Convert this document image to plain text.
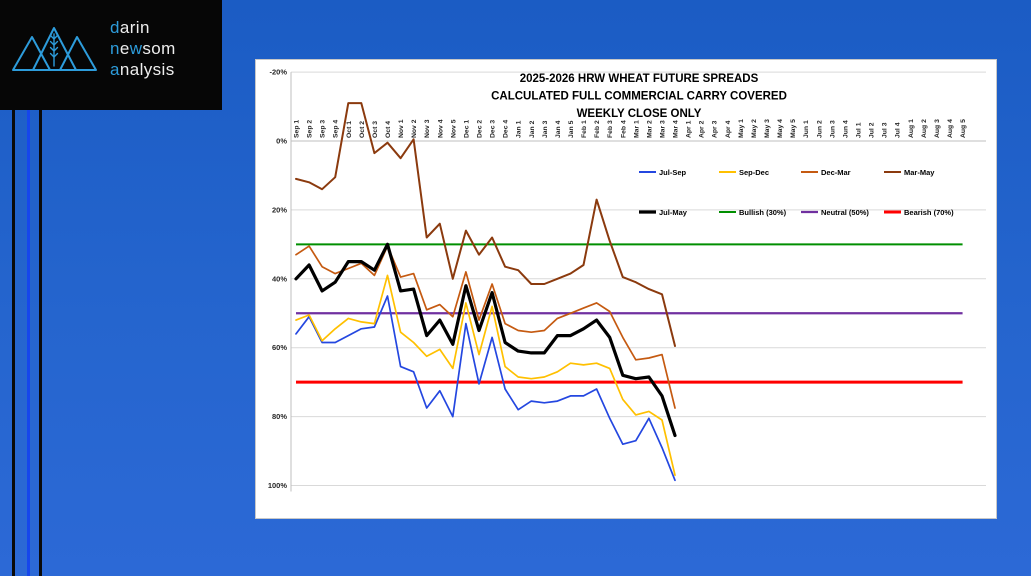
darin
newsom
analysis	-20%
0%
20%
40%
60%
80%
100%
Sep 1 Sep 2 Sep 3 Sep 4 Oct 1 Oct 2 Oct 3 Oct 4 Nov 1 Nov 2 Nov 3 Nov 4 Nov 5 Dec 1 Dec 2 Dec 3 Dec 4 Jan 1 Jan 2 Jan 3 Jan 4 Jan 5 Feb 1 Feb 2 Feb 3 Feb 4 Mar 1 Mar 2 Mar 3 Mar 4 Apr 1 Apr 2 Apr 3 Apr 4 May 1 May 2 May 3 May 4 May 5 Jun 1 Jun 2 Jun 3 Jun 4 Jul 1 Jul 2 Jul 3 Jul 4 Aug 1 Aug 2 Aug 3 Aug 4 Aug 5
2025-2026 HRW WHEAT FUTURE SPREADS
CALCULATED FULL COMMERCIAL CARRY COVERED
WEEKLY CLOSE ONLY
Jul-Sep	Sep-Dec	Dec-Mar	Mar-May
Jul-May	Bullish (30%)	Neutral (50%)	Bearish (70%)
